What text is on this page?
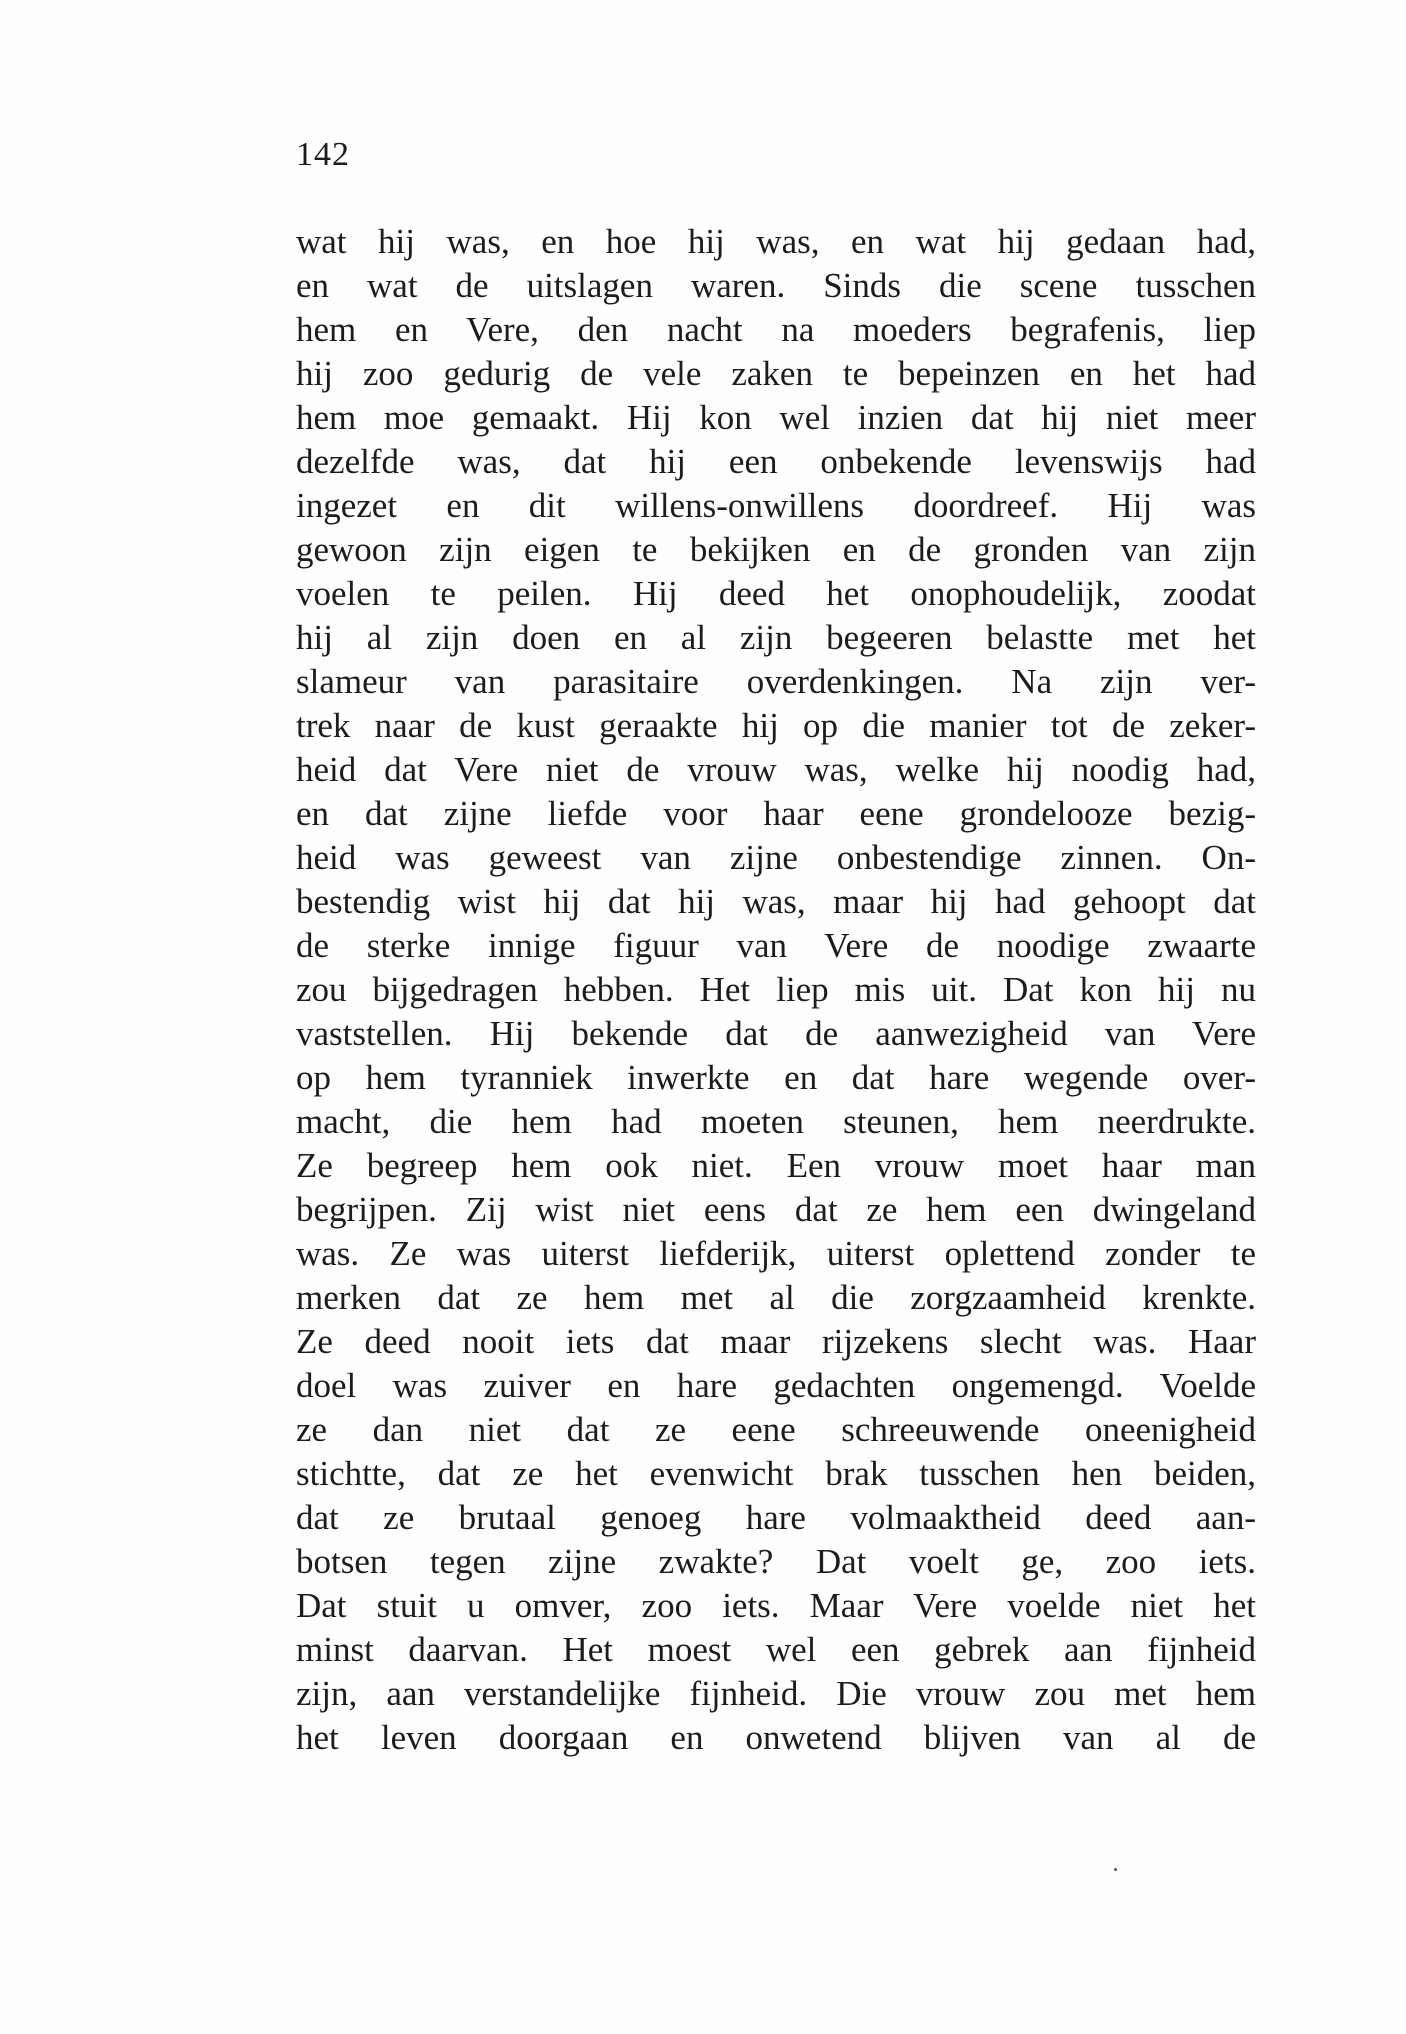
142
wat hij was, en hoe hij was, en wat hij gedaan had,
en wat de uitslagen waren. Sinds die scene tusschen
hem en Vere, den nacht na moeders begrafenis, liep
hij zoo gedurig de vele zaken te bepeinzen en het had
hem moe gemaakt. Hij kon wel inzien dat hij niet meer
dezelfde was, dat hij een onbekende levenswijs had
ingezet en dit willens-onwillens doordreef. Hij was
gewoon zijn eigen te bekijken en de gronden van zijn
voelen te peilen. Hij deed het onophoudelijk, zoodat
hij al zijn doen en al zijn begeeren belastte met het
slameur van parasitaire overdenkingen. Na zijn ver-
trek naar de kust geraakte hij op die manier tot de zeker-
heid dat Vere niet de vrouw was, welke hij noodig had,
en dat zijne liefde voor haar eene grondelooze bezig-
heid was geweest van zijne onbestendige zinnen. On-
bestendig wist hij dat hij was, maar hij had gehoopt dat
de sterke innige figuur van Vere de noodige zwaarte
zou bijgedragen hebben. Het liep mis uit. Dat kon hij nu
vaststellen. Hij bekende dat de aanwezigheid van Vere
op hem tyranniek inwerkte en dat hare wegende over-
macht, die hem had moeten steunen, hem neerdrukte.
Ze begreep hem ook niet. Een vrouw moet haar man
begrijpen. Zij wist niet eens dat ze hem een dwingeland
was. Ze was uiterst liefderijk, uiterst oplettend zonder te
merken dat ze hem met al die zorgzaamheid krenkte.
Ze deed nooit iets dat maar rijzekens slecht was. Haar
doel was zuiver en hare gedachten ongemengd. Voelde
ze dan niet dat ze eene schreeuwende oneenigheid
stichtte, dat ze het evenwicht brak tusschen hen beiden,
dat ze brutaal genoeg hare volmaaktheid deed aan-
botsen tegen zijne zwakte? Dat voelt ge, zoo iets.
Dat stuit u omver, zoo iets. Maar Vere voelde niet het
minst daarvan. Het moest wel een gebrek aan fijnheid
zijn, aan verstandelijke fijnheid. Die vrouw zou met hem
het leven doorgaan en onwetend blijven van al de
